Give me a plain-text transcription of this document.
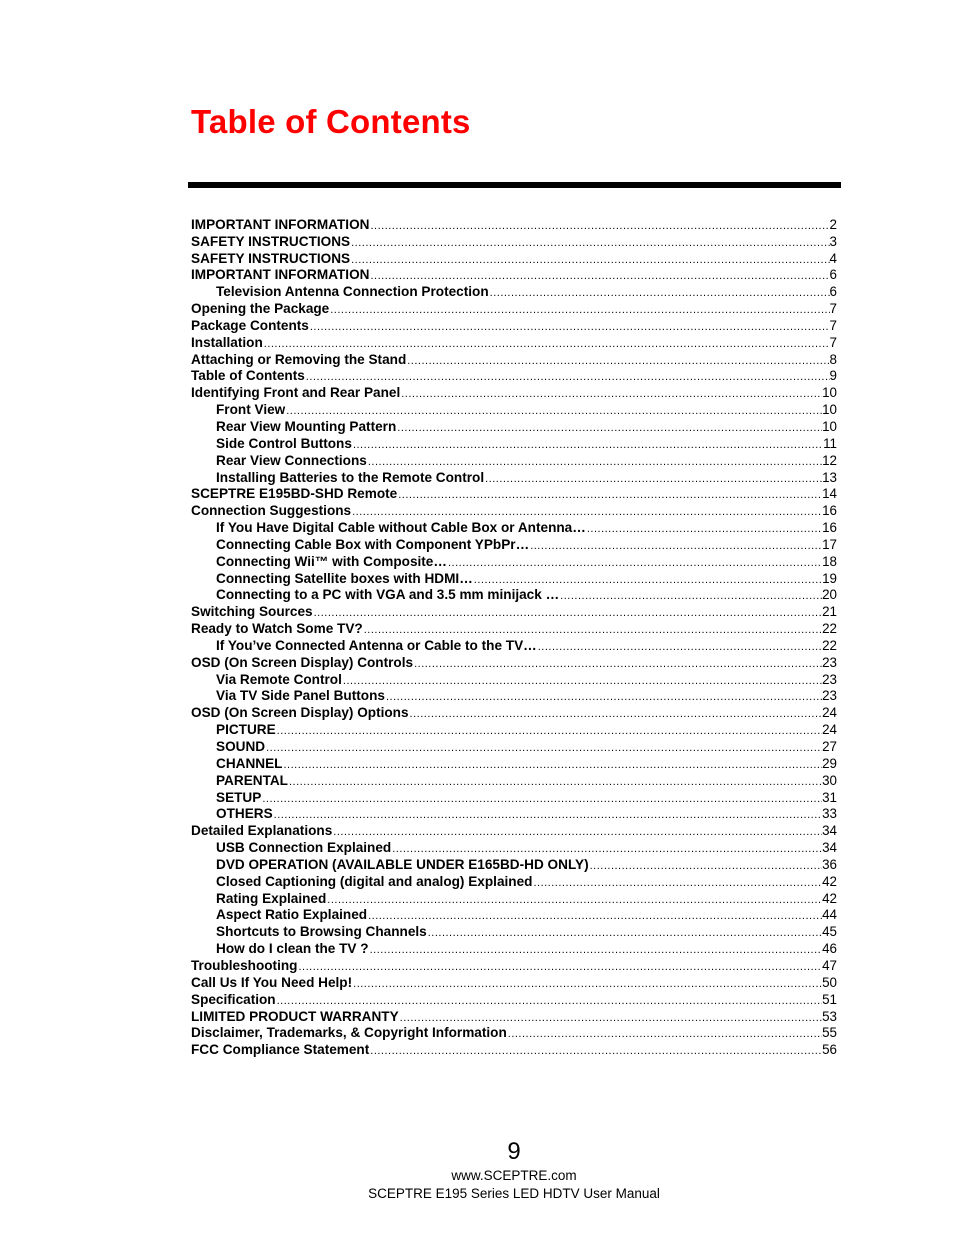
Table of Contents
IMPORTANT INFORMATION .....	2
SAFETY INSTRUCTIONS .....	3
SAFETY INSTRUCTIONS .....	4
IMPORTANT INFORMATION .....	6
Television Antenna Connection Protection .....	6
Opening the Package .....	7
Package Contents .....	7
Installation .....	7
Attaching or Removing the Stand .....	8
Table of Contents .....	9
Identifying Front and Rear Panel .....	10
Front View .....	10
Rear View Mounting Pattern .....	10
Side Control Buttons .....	11
Rear View Connections .....	12
Installing Batteries to the Remote Control .....	13
SCEPTRE E195BD-SHD Remote .....	14
Connection Suggestions .....	16
If You Have Digital Cable without Cable Box or Antenna… .....	16
Connecting Cable Box with Component YPbPr… .....	17
Connecting Wii™ with Composite… .....	18
Connecting Satellite boxes with HDMI… .....	19
Connecting to a PC with VGA and 3.5 mm minijack … .....	20
Switching Sources .....	21
Ready to Watch Some TV? .....	22
If You’ve Connected Antenna or Cable to the TV… .....	22
OSD (On Screen Display) Controls .....	23
Via Remote Control .....	23
Via TV Side Panel Buttons .....	23
OSD (On Screen Display) Options .....	24
PICTURE .....	24
SOUND .....	27
CHANNEL .....	29
PARENTAL .....	30
SETUP .....	31
OTHERS .....	33
Detailed Explanations .....	34
USB Connection Explained .....	34
DVD OPERATION (AVAILABLE UNDER E165BD-HD ONLY) .....	36
Closed Captioning (digital and analog) Explained .....	42
Rating Explained .....	42
Aspect Ratio Explained .....	44
Shortcuts to Browsing Channels .....	45
How do I clean the TV ? .....	46
Troubleshooting .....	47
Call Us If You Need Help! .....	50
Specification .....	51
LIMITED PRODUCT WARRANTY .....	53
Disclaimer, Trademarks, & Copyright Information .....	55
FCC Compliance Statement .....	56
9
www.SCEPTRE.com
SCEPTRE E195 Series LED HDTV User Manual
